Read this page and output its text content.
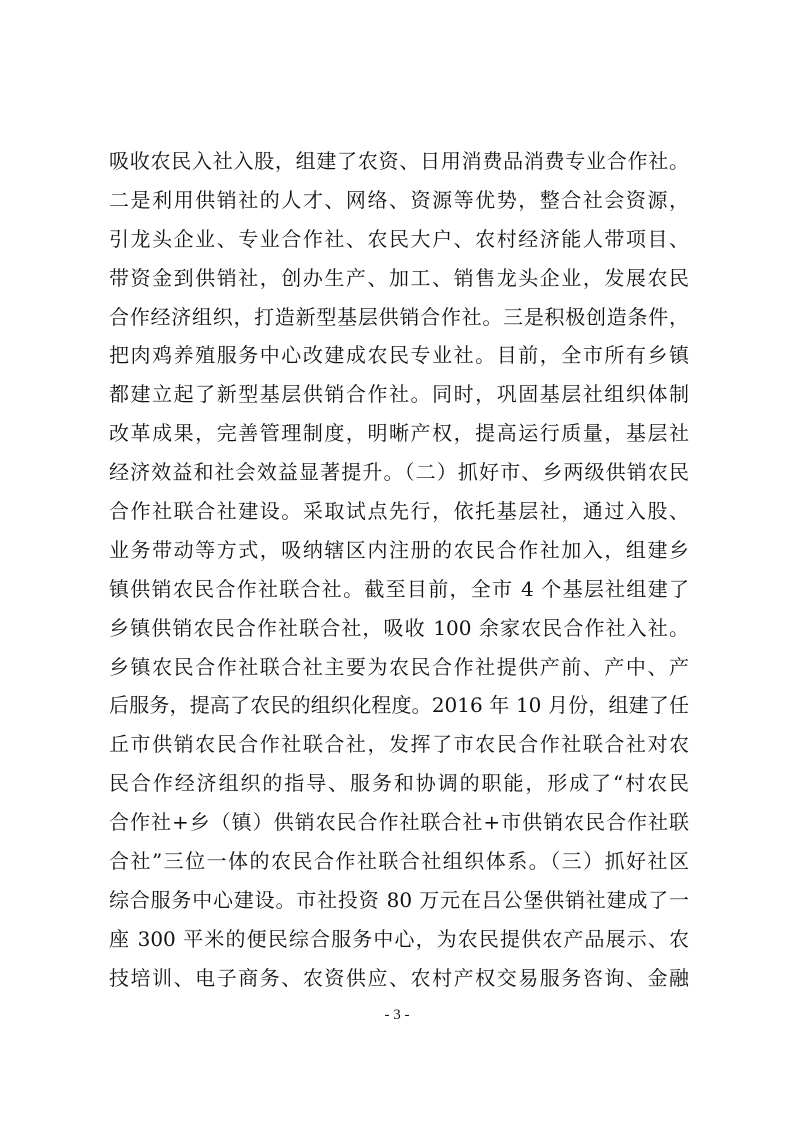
吸收农民入社入股，组建了农资、日用消费品消费专业合作社。
二是利用供销社的人才、网络、资源等优势，整合社会资源，
引龙头企业、专业合作社、农民大户、农村经济能人带项目、
带资金到供销社，创办生产、加工、销售龙头企业，发展农民
合作经济组织，打造新型基层供销合作社。三是积极创造条件，
把肉鸡养殖服务中心改建成农民专业社。目前，全市所有乡镇
都建立起了新型基层供销合作社。同时，巩固基层社组织体制
改革成果，完善管理制度，明晰产权，提高运行质量，基层社
经济效益和社会效益显著提升。（二）抓好市、乡两级供销农民
合作社联合社建设。采取试点先行，依托基层社，通过入股、
业务带动等方式，吸纳辖区内注册的农民合作社加入，组建乡
镇供销农民合作社联合社。截至目前，全市 4 个基层社组建了
乡镇供销农民合作社联合社，吸收 100 余家农民合作社入社。
乡镇农民合作社联合社主要为农民合作社提供产前、产中、产
后服务，提高了农民的组织化程度。2016 年 10 月份，组建了任
丘市供销农民合作社联合社，发挥了市农民合作社联合社对农
民合作经济组织的指导、服务和协调的职能，形成了“村农民
合作社+乡（镇）供销农民合作社联合社+市供销农民合作社联
合社”三位一体的农民合作社联合社组织体系。（三）抓好社区
综合服务中心建设。市社投资 80 万元在吕公堡供销社建成了一
座 300 平米的便民综合服务中心，为农民提供农产品展示、农
技培训、电子商务、农资供应、农村产权交易服务咨询、金融
- 3 -
